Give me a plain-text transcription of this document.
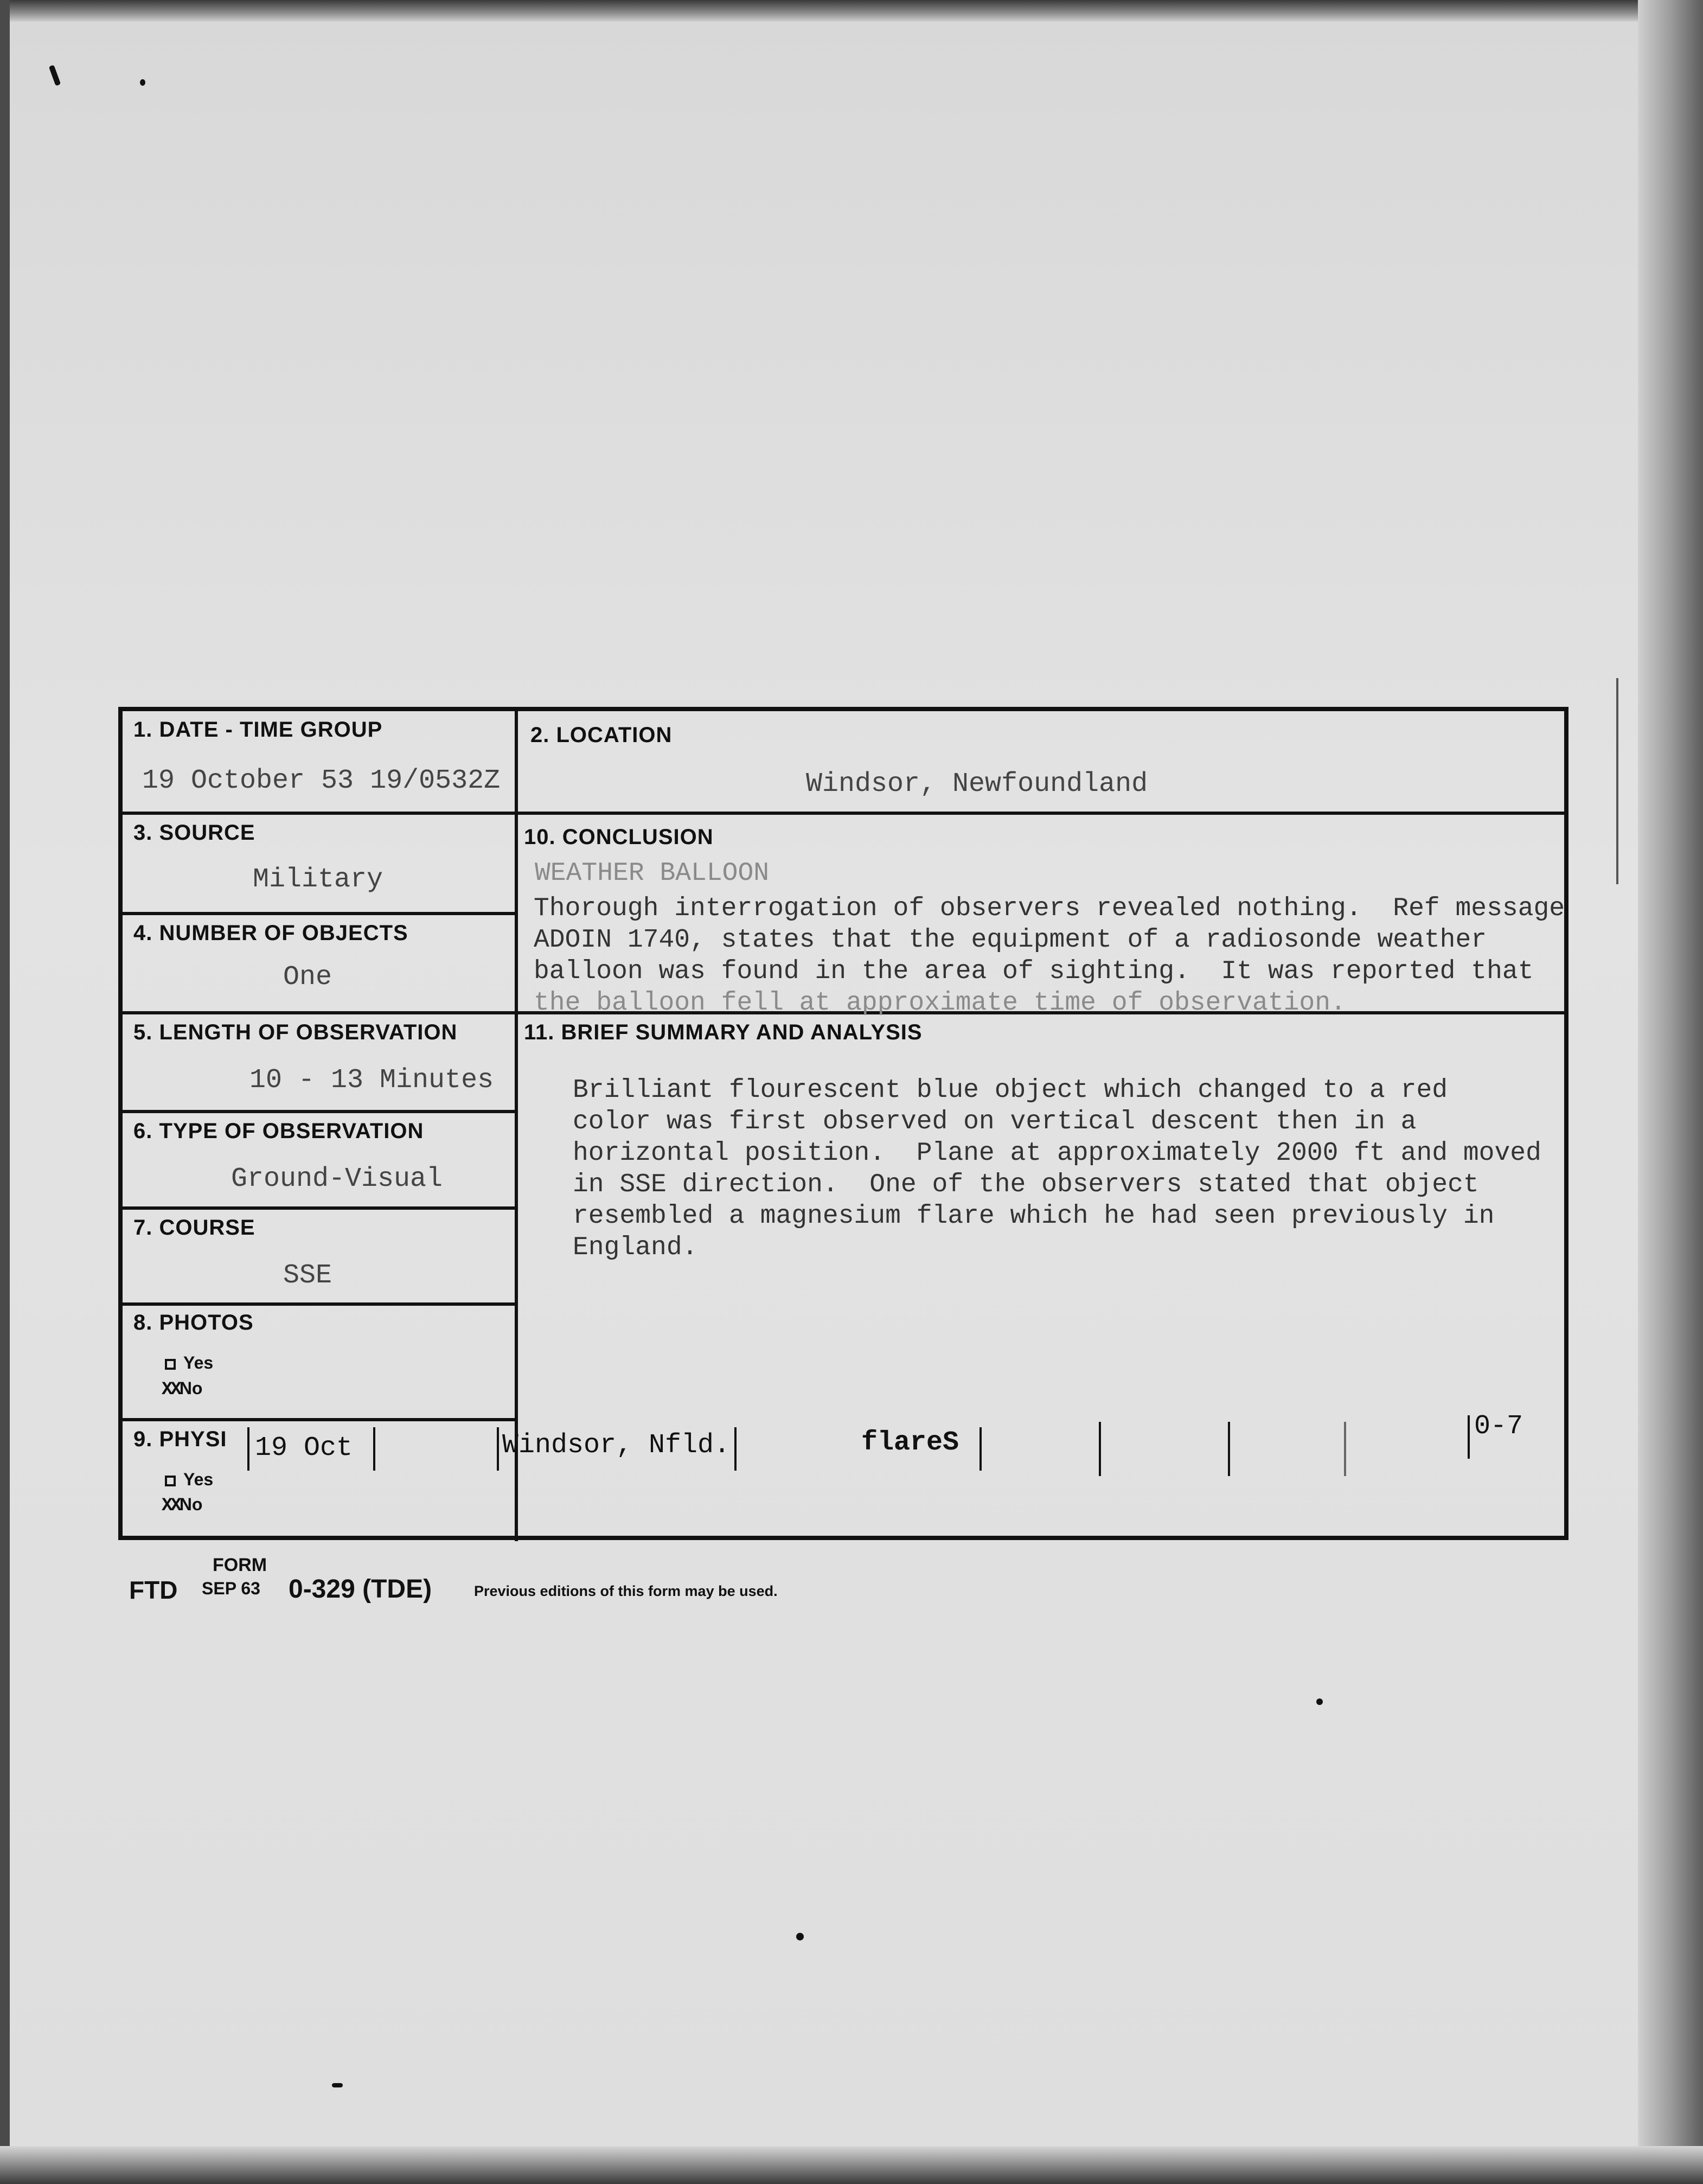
1. DATE - TIME GROUP
19 October 53 19/0532Z
2. LOCATION
Windsor, Newfoundland
3. SOURCE
Military
10. CONCLUSION
WEATHER BALLOON
Thorough interrogation of observers revealed nothing.  Ref message
ADOIN 1740, states that the equipment of a radiosonde weather
balloon was found in the area of sighting.  It was reported that
the balloon fell at approximate time of observation.
4. NUMBER OF OBJECTS
One
5. LENGTH OF OBSERVATION
10 - 13 Minutes
11. BRIEF SUMMARY AND ANALYSIS
Brilliant flourescent blue object which changed to a red
color was first observed on vertical descent then in a
horizontal position.  Plane at approximately 2000 ft and moved
in SSE direction.  One of the observers stated that object
resembled a magnesium flare which he had seen previously in
England.
6. TYPE OF OBSERVATION
Ground-Visual
7. COURSE
SSE
8. PHOTOS
Yes
XXNo
9. PHYSI
Yes
XXNo
19 Oct	Windsor, Nfld.	flareS
0-7
FORM
FTD SEP 63 0-329 (TDE)	Previous editions of this form may be used.
